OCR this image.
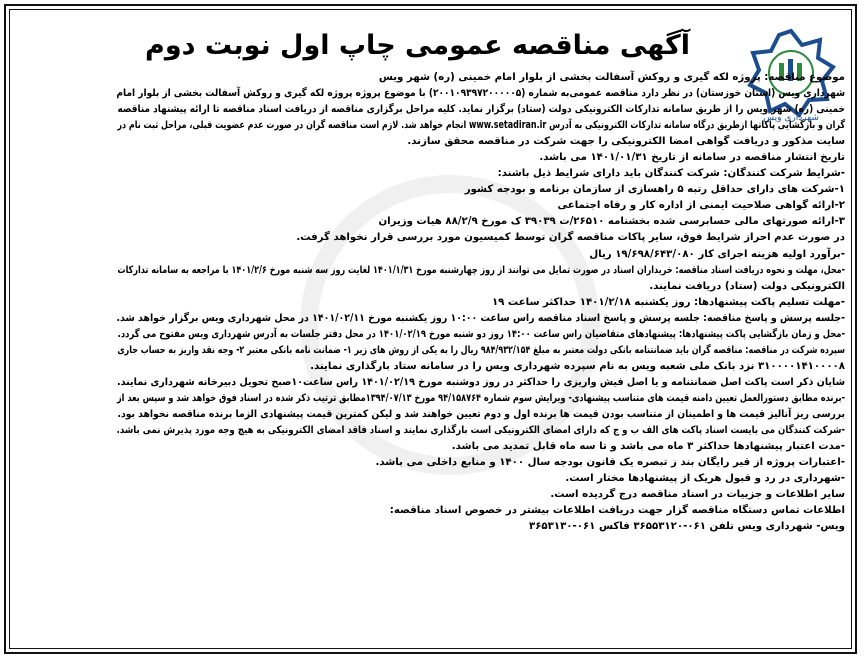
شهرداری ویس
آگهی مناقصه عمومی چاپ اول نوبت دوم

موضوع مناقصه: پروژه لکه گیری و روکش آسفالت بخشی از بلوار امام خمینی (ره) شهر ویس

شهرداری ویس (استان خوزستان) در نظر دارد مناقصه عمومی‌به شماره (۲۰۰۱۰۹۳۹۷۲۰۰۰۰۰۵) با موضوع پروژه پروژه لکه گیری و روکش آسفالت بخشی از بلوار امام

خمینی (ره) شهر ویس را از طریق سامانه تدارکات الکترونیکی دولت (ستاد) برگزار نماید. کلیه مراحل برگزاری مناقصه از دریافت اسناد مناقصه تا ارائه پیشنهاد مناقصه

گران و بازگشایی پاکاتها ازطریق درگاه سامانه تدارکات الکترونیکی به آدرس www.setadiran.ir انجام خواهد شد. لازم است مناقصه گران در صورت عدم عضویت قبلی، مراحل ثبت نام در

سایت مذکور و دریافت گواهی امضا الکترونیکی را جهت شرکت در مناقصه محقق سازند.

تاریخ انتشار مناقصه در سامانه از تاریخ ۱۴۰۱/۰۱/۳۱ می باشد.

-شرایط شرکت کنندگان: شرکت کنندگان باید دارای شرایط ذیل باشند:

۱-شرکت های دارای حداقل رتبه ۵ راهسازی از سازمان برنامه و بودجه کشور

۲-ارائه گواهی صلاحیت ایمنی از اداره کار و رفاه اجتماعی

۳-ارائه صورتهای مالی حسابرسی شده بخشنامه ۲۶۵۱۰/ت ۳۹۰۳۹ ک مورخ ۸۸/۲/۹ هیات وزیران

در صورت عدم احراز شرایط فوق، سایر پاکات مناقصه گران توسط کمیسیون مورد بررسی قرار نخواهد گرفت.

-برآورد اولیه هزینه اجرای کار ۱۹/۶۹۸/۶۴۳/۰۸۰ ریال

-محل، مهلت و نحوه دریافت اسناد مناقصه: خریداران اسناد در صورت تمایل می توانند از روز چهارشنبه مورخ ۱۴۰۱/۱/۳۱ لغایت روز سه شنبه مورخ ۱۴۰۱/۲/۶ با مراجعه به سامانه تدارکات

الکترونیکی دولت (ستاد) دریافت نمایند.

-مهلت تسلیم پاکت پیشنهادها: روز یکشنبه ۱۴۰۱/۲/۱۸ حداکثر ساعت ۱۹

-جلسه پرسش و پاسخ مناقصه: جلسه پرسش و پاسخ اسناد مناقصه راس ساعت ۱۰:۰۰ روز یکشنبه مورخ ۱۴۰۱/۰۲/۱۱ در محل شهرداری ویس برگزار خواهد شد.

-محل و زمان بازگشایی پاکت پیشنهادها: پیشنهادهای متقاضیان راس ساعت ۱۴:۰۰ روز دو شنبه مورخ ۱۴۰۱/۰۲/۱۹ در محل دفتر جلسات به آدرس شهرداری ویس مفتوح می گردد.

سپرده شرکت در مناقصه: مناقصه گران باید ضمانتنامه بانکی دولت معتبر به مبلغ ۹۸۴/۹۳۲/۱۵۴ ریال را به یکی از روش های زیر ۱- ضمانت نامه بانکی معتبر ۲- وجه نقد واریز به حساب جاری

۳۱۰۰۰۰۱۴۱۰۰۰۰۸ نزد بانک ملی شعبه ویس به نام سپرده شهرداری ویس را در سامانه ستاد بارگذاری نمایند.

شایان ذکر است پاکت اصل ضمانتنامه و یا اصل فیش واریزی را حداکثر در روز دوشنبه مورخ ۱۴۰۱/۰۲/۱۹ راس ساعت۱۰صبح تحویل دبیرخانه شهرداری نمایند.

-برنده مطابق دستورالعمل تعیین دامنه قیمت های متناسب پیشنهادی- ویرایش سوم شماره ۹۴/۱۵۸۷۶۴ مورخ ۱۳۹۴/۰۷/۱۳مطابق ترتیب ذکر شده در اسناد فوق خواهد شد و سپس بعد از

بررسی ریز آنالیز قیمت ها و اطمینان از متناسب بودن قیمت ها برنده اول و دوم تعیین خواهند شد و لیکن کمترین قیمت پیشنهادی الزما برنده مناقصه نخواهد بود.

-شرکت کنندگان می بایست اسناد پاکت های الف ب و ج که دارای امضای الکترونیکی است بارگذاری نمایند و اسناد فاقد امضای الکترونیکی به هیچ وجه مورد پذیرش نمی باشد.

-مدت اعتبار پیشنهادها حداکثر ۳ ماه می باشد و تا سه ماه قابل تمدید می باشد.

-اعتبارات پروژه از قیر رایگان بند ز تبصره یک قانون بودجه سال ۱۴۰۰ و منابع داخلی می باشد.

-شهرداری در رد و قبول هریک از پیشنهادها مختار است.

سایر اطلاعات و جزییات در اسناد مناقصه درج گردیده است.

اطلاعات تماس دستگاه مناقصه گزار جهت دریافت اطلاعات بیشتر در خصوص اسناد مناقصه:

ویس- شهرداری ویس تلفن ۰۶۱-۳۶۵۵۳۱۲۰ فاکس ۰۶۱-۳۶۵۳۱۳۰
